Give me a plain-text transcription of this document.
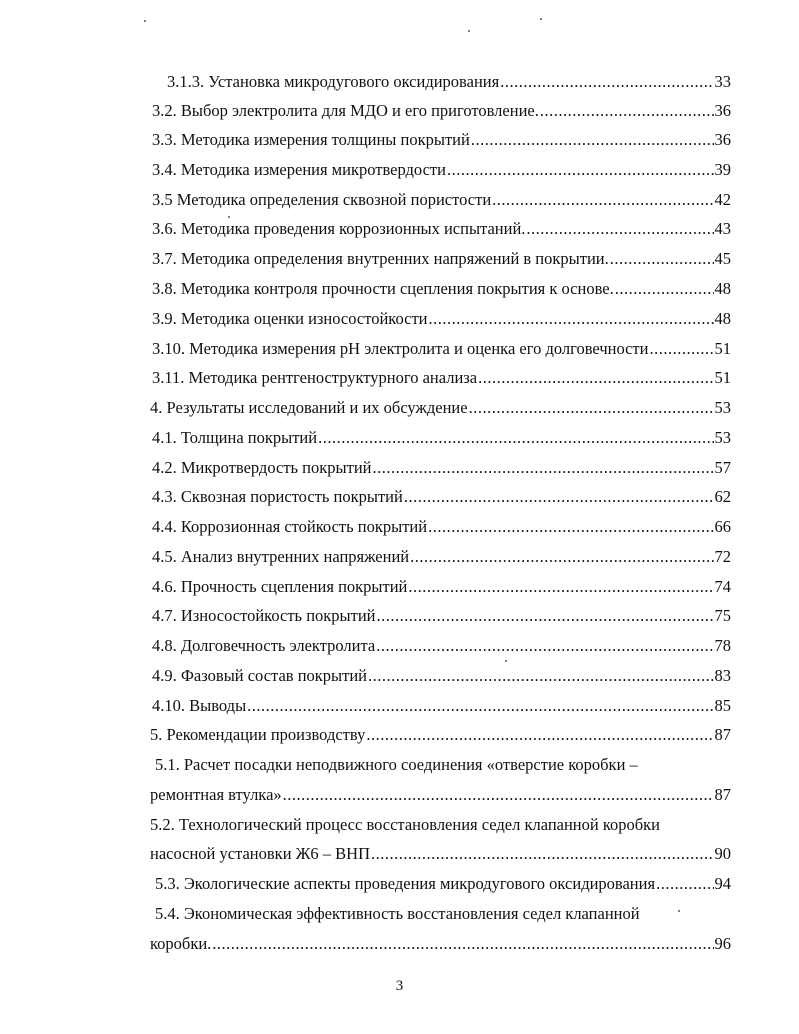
3.1.3. Установка микродугового оксидирования .....	33
3.2. Выбор электролита для МДО и его приготовление. .....	36
3.3. Методика измерения толщины покрытий .....	36
3.4. Методика измерения микротвердости .....	39
3.5 Методика определения сквозной пористости .....	42
3.6. Методика проведения коррозионных испытаний. .....	43
3.7. Методика определения внутренних напряжений в покрытии. .....	45
3.8. Методика контроля прочности сцепления покрытия к основе. .....	48
3.9. Методика оценки износостойкости .....	48
3.10. Методика измерения pH электролита и оценка его долговечности .....	51
3.11. Методика рентгеноструктурного анализа .....	51
4. Результаты исследований и их обсуждение .....	53
4.1. Толщина покрытий .....	53
4.2. Микротвердость покрытий .....	57
4.3. Сквозная пористость покрытий .....	62
4.4. Коррозионная стойкость покрытий .....	66
4.5. Анализ внутренних напряжений .....	72
4.6. Прочность сцепления покрытий .....	74
4.7. Износостойкость покрытий .....	75
4.8. Долговечность электролита .....	78
4.9. Фазовый состав покрытий .....	83
4.10. Выводы .....	85
5. Рекомендации производству .....	87
5.1. Расчет посадки неподвижного соединения «отверстие коробки –
ремонтная втулка» .....	87
5.2. Технологический процесс восстановления седел клапанной коробки
насосной установки Ж6 – ВНП .....	90
5.3. Экологические аспекты проведения микродугового оксидирования .....	94
5.4. Экономическая эффективность восстановления седел клапанной
коробки. .....	96
3
